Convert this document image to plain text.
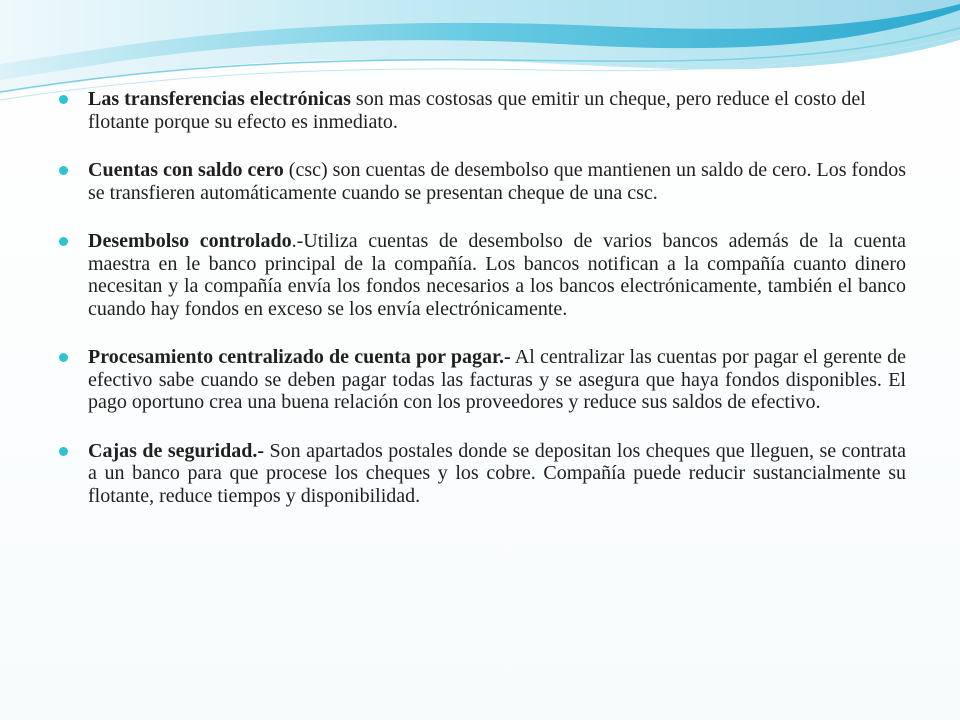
Las transferencias electrónicas son mas costosas que emitir un cheque, pero reduce el costo del flotante porque su efecto es inmediato.

Cuentas con saldo cero (csc) son cuentas de desembolso que mantienen un saldo de cero. Los fondos se transfieren automáticamente cuando se presentan cheque de una csc.

Desembolso controlado.-Utiliza cuentas de desembolso de varios bancos además de la cuenta maestra en le banco principal de la compañía. Los bancos notifican a la compañía cuanto dinero necesitan y la compañía envía los fondos necesarios a los bancos electrónicamente, también el banco cuando hay fondos en exceso se los envía electrónicamente.

Procesamiento centralizado de cuenta por pagar.- Al centralizar las cuentas por pagar el gerente de efectivo sabe cuando se deben pagar todas las facturas y se asegura que haya fondos disponibles. El pago oportuno crea una buena relación con los proveedores y reduce sus saldos de efectivo.

Cajas de seguridad.- Son apartados postales donde se depositan los cheques que lleguen, se contrata a un banco para que procese los cheques y los cobre. Compañía puede reducir sustancialmente su flotante, reduce tiempos y disponibilidad.
